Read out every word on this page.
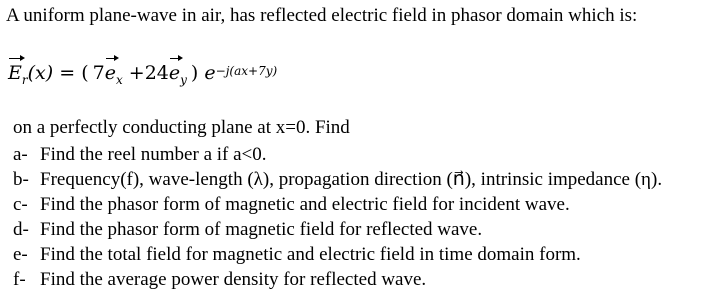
A uniform plane-wave in air, has reflected electric field in phasor domain which is:
$E_r(x)$ = ( $7e_x +24e_y$ ) $e^{-j(ax+7y)}$
on a perfectly conducting plane at x=0. Find
a- Find the reel number a if a<0.
b- Frequency(f), wave-length (λ), propagation direction (n⃗), intrinsic impedance (η).
c- Find the phasor form of magnetic and electric field for incident wave.
d- Find the phasor form of magnetic field for reflected wave.
e- Find the total field for magnetic and electric field in time domain form.
f- Find the average power density for reflected wave.
